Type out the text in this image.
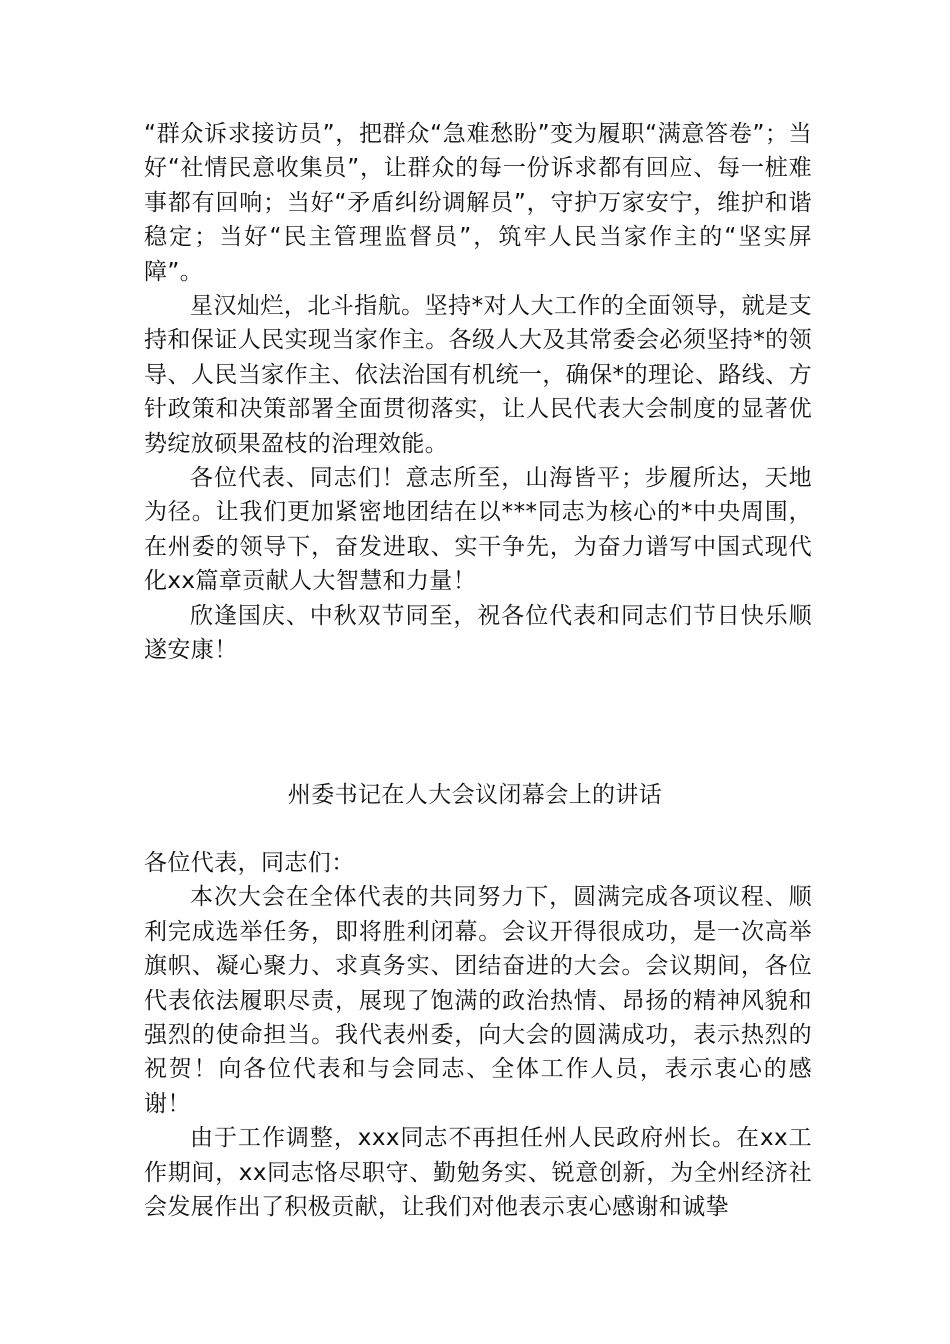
“群众诉求接访员”，把群众“急难愁盼”变为履职“满意答卷”；当好“社情民意收集员”，让群众的每一份诉求都有回应、每一桩难事都有回响；当好“矛盾纠纷调解员”，守护万家安宁，维护和谐稳定；当好“民主管理监督员”，筑牢人民当家作主的“坚实屏障”。

星汉灿烂，北斗指航。坚持*对人大工作的全面领导，就是支持和保证人民实现当家作主。各级人大及其常委会必须坚持*的领导、人民当家作主、依法治国有机统一，确保*的理论、路线、方针政策和决策部署全面贯彻落实，让人民代表大会制度的显著优势绽放硕果盈枝的治理效能。

各位代表、同志们！意志所至，山海皆平；步履所达，天地为径。让我们更加紧密地团结在以***同志为核心的*中央周围，在州委的领导下，奋发进取、实干争先，为奋力谱写中国式现代化xx篇章贡献人大智慧和力量！

欣逢国庆、中秋双节同至，祝各位代表和同志们节日快乐顺遂安康！

州委书记在人大会议闭幕会上的讲话

各位代表，同志们：

本次大会在全体代表的共同努力下，圆满完成各项议程、顺利完成选举任务，即将胜利闭幕。会议开得很成功，是一次高举旗帜、凝心聚力、求真务实、团结奋进的大会。会议期间，各位代表依法履职尽责，展现了饱满的政治热情、昂扬的精神风貌和强烈的使命担当。我代表州委，向大会的圆满成功，表示热烈的祝贺！向各位代表和与会同志、全体工作人员，表示衷心的感谢！

由于工作调整，xxx同志不再担任州人民政府州长。在xx工作期间，xx同志恪尽职守、勤勉务实、锐意创新，为全州经济社会发展作出了积极贡献，让我们对他表示衷心感谢和诚挚
